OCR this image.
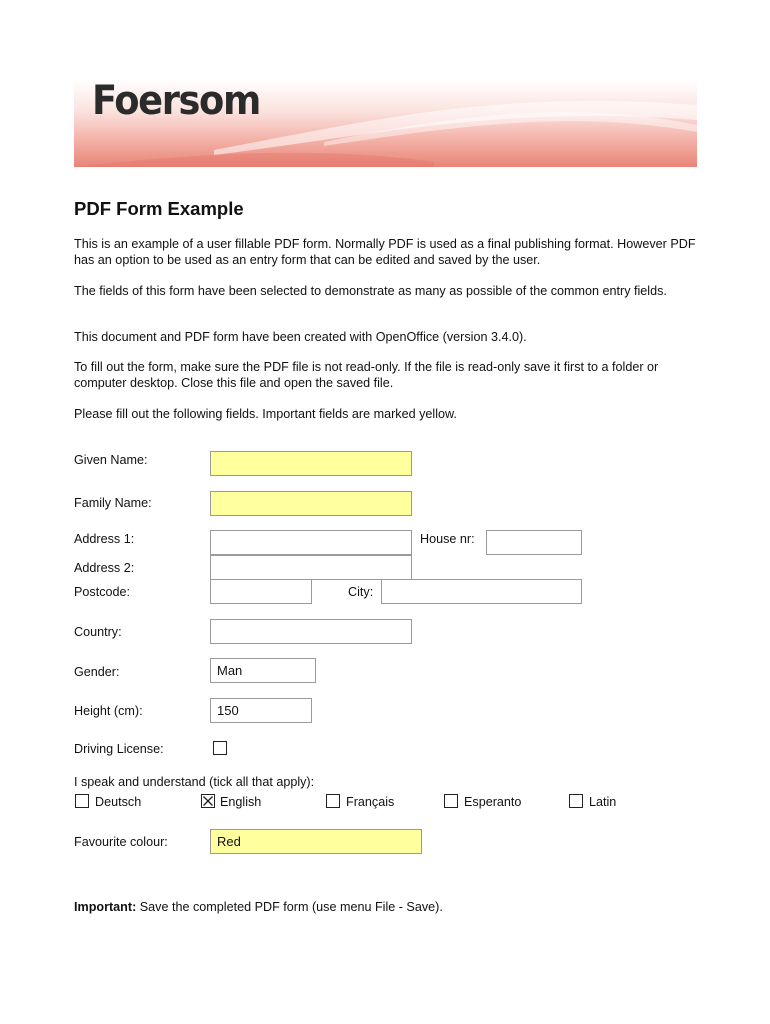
Foersom
PDF Form Example

This is an example of a user fillable PDF form. Normally PDF is used as a final publishing format. However PDF has an option to be used as an entry form that can be edited and saved by the user.

The fields of this form have been selected to demonstrate as many as possible of the common entry fields.

This document and PDF form have been created with OpenOffice (version 3.4.0).

To fill out the form, make sure the PDF file is not read-only. If the file is read-only save it first to a folder or computer desktop. Close this file and open the saved file.

Please fill out the following fields. Important fields are marked yellow.

Given Name:
Family Name:
Address 1:	House nr:
Address 2:
Postcode:	City:
Country:
Gender:	Man
Height (cm):	150
Driving License:
I speak and understand (tick all that apply):
Deutsch	English	Français	Esperanto	Latin
Favourite colour:	Red
Important: Save the completed PDF form (use menu File - Save).
